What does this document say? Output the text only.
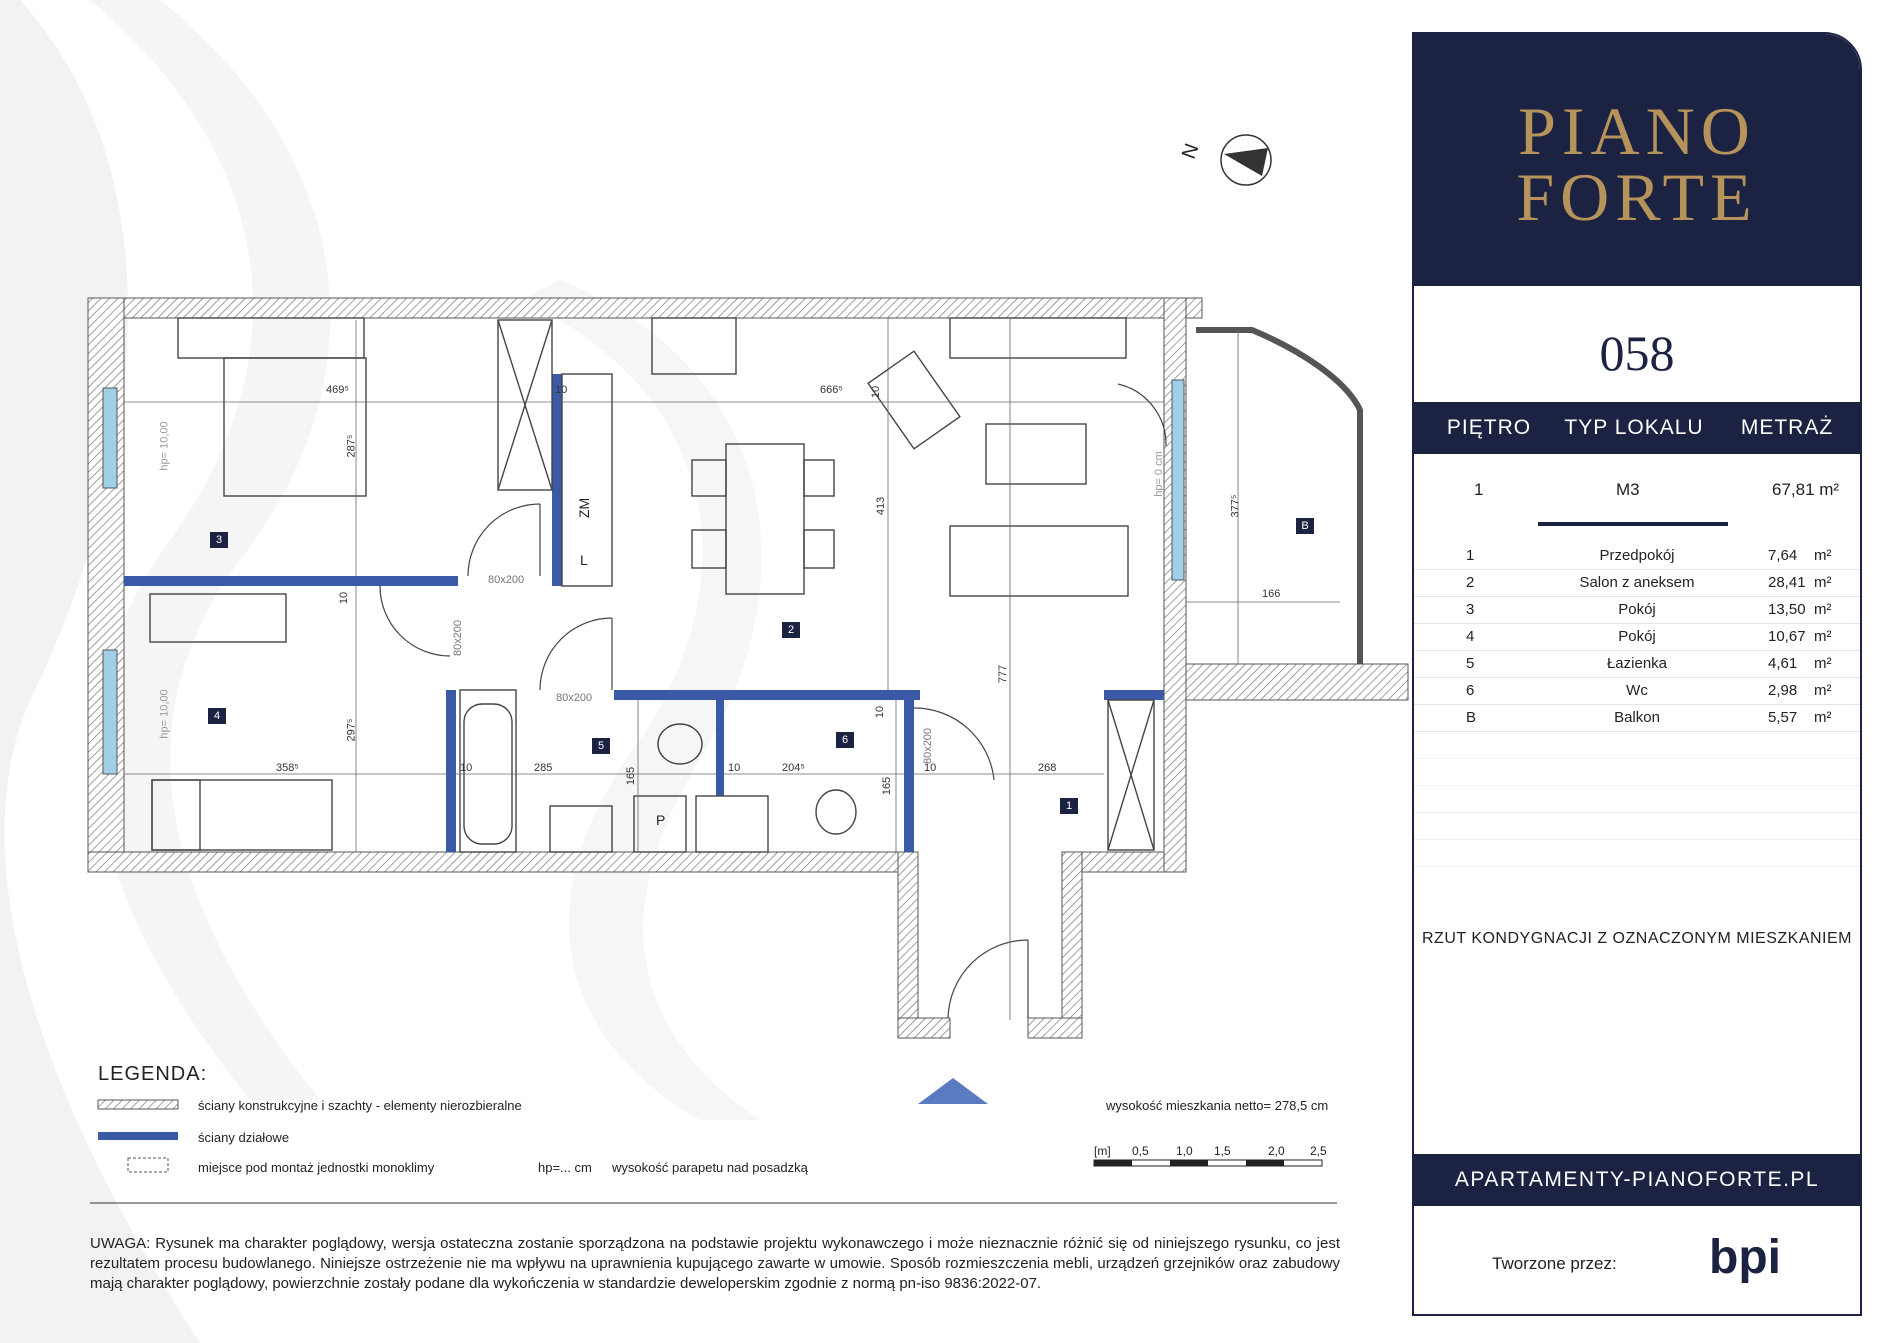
N
1
2
3
4
5	6
B
469⁵
287⁵
666⁵
413
777
377⁵
166
358⁵
297⁵
285	204⁵	268
165
165
10
10
10	10	10
10
10
80x200
80x200
80x200
80x200
hp= 10,00
hp= 10,00
hp= 0 cm
ZM
L
P
LEGENDA:
ściany konstrukcyjne i szachty - elementy nierozbieralne
ściany działowe
miejsce pod montaż jednostki monoklimy	hp=... cm wysokość parapetu nad posadzką
wysokość mieszkania netto= 278,5 cm
[m] 0,5 1,0 1,5	2,0 2,5
UWAGA: Rysunek ma charakter poglądowy, wersja ostateczna zostanie sporządzona na podstawie projektu wykonawczego i może nieznacznie różnić się od niniejszego rysunku, co jest rezultatem procesu budowlanego. Niniejsze ostrzeżenie nie ma wpływu na uprawnienia kupującego zawarte w umowie. Sposób rozmieszczenia mebli, urządzeń grzejników oraz zabudowy mają charakter poglądowy, powierzchnie zostały podane dla wykończenia w standardzie deweloperskim zgodnie z normą pn-iso 9836:2022-07.
PIANO
FORTE
058
PIĘTRO TYP LOKALU	METRAŻ
1	M3	67,81 m²
1	Przedpokój	7,64 m²
2	Salon z aneksem	28,41 m²
3	Pokój	13,50 m²
4	Pokój	10,67 m²
5	Łazienka	4,61 m²
6	Wc	2,98 m²
B	Balkon	5,57 m²
RZUT KONDYGNACJI Z OZNACZONYM MIESZKANIEM
APARTAMENTY-PIANOFORTE.PL
Tworzone przez: bpi
